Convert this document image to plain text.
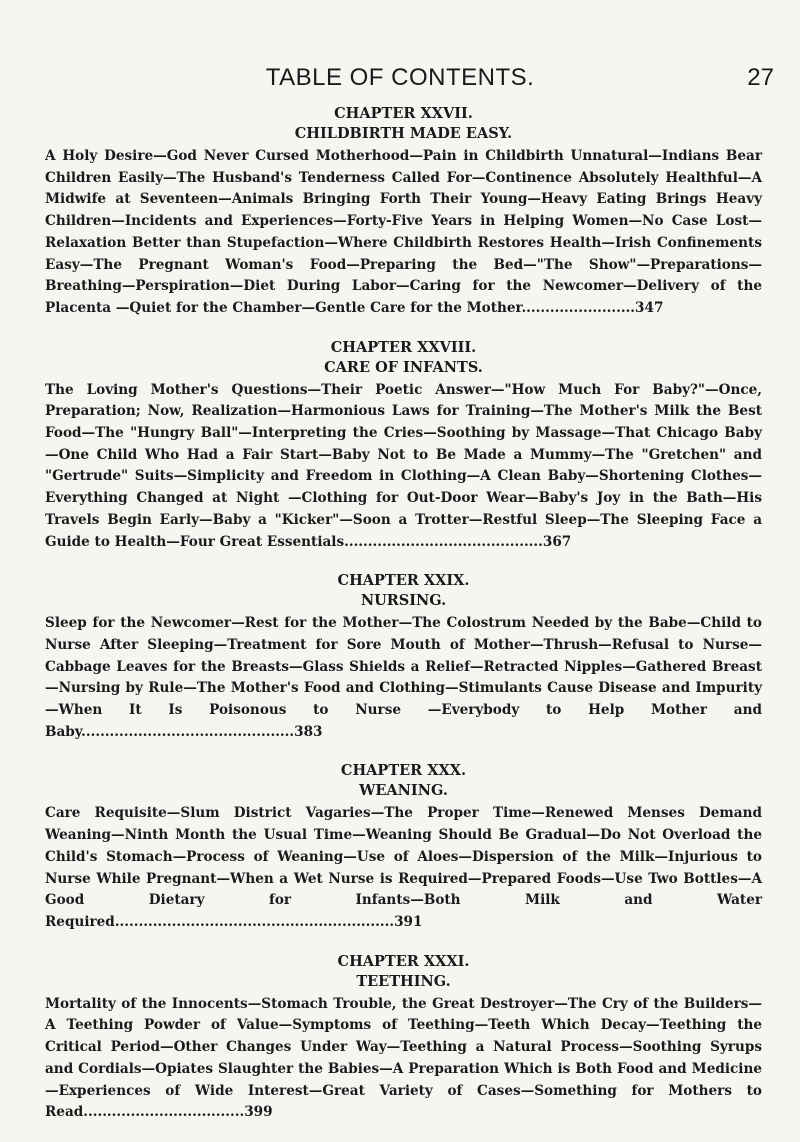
TABLE OF CONTENTS.	27
CHAPTER XXVII.
CHILDBIRTH MADE EASY.
A Holy Desire—God Never Cursed Motherhood—Pain in Childbirth Unnatural—Indians Bear Children Easily—The Husband's Tenderness Called For—Continence Absolutely Healthful—A Midwife at Seventeen—Animals Bringing Forth Their Young—Heavy Eating Brings Heavy Children—Incidents and Experiences—Forty-Five Years in Helping Women—No Case Lost—Relaxation Better than Stupefaction—Where Childbirth Restores Health—Irish Confinements Easy—The Pregnant Woman's Food—Preparing the Bed—"The Show"—Preparations—Breathing—Perspiration—Diet During Labor—Caring for the Newcomer—Delivery of the Placenta —Quiet for the Chamber—Gentle Care for the Mother........................347
CHAPTER XXVIII.
CARE OF INFANTS.
The Loving Mother's Questions—Their Poetic Answer—"How Much For Baby?"—Once, Preparation; Now, Realization—Harmonious Laws for Training—The Mother's Milk the Best Food—The "Hungry Ball"—Interpreting the Cries—Soothing by Massage—That Chicago Baby—One Child Who Had a Fair Start—Baby Not to Be Made a Mummy—The "Gretchen" and "Gertrude" Suits—Simplicity and Freedom in Clothing—A Clean Baby—Shortening Clothes—Everything Changed at Night —Clothing for Out-Door Wear—Baby's Joy in the Bath—His Travels Begin Early—Baby a "Kicker"—Soon a Trotter—Restful Sleep—The Sleeping Face a Guide to Health—Four Great Essentials..........................................367
CHAPTER XXIX.
NURSING.
Sleep for the Newcomer—Rest for the Mother—The Colostrum Needed by the Babe—Child to Nurse After Sleeping—Treatment for Sore Mouth of Mother—Thrush—Refusal to Nurse—Cabbage Leaves for the Breasts—Glass Shields a Relief—Retracted Nipples—Gathered Breast—Nursing by Rule—The Mother's Food and Clothing—Stimulants Cause Disease and Impurity—When It Is Poisonous to Nurse —Everybody to Help Mother and Baby.............................................383
CHAPTER XXX.
WEANING.
Care Requisite—Slum District Vagaries—The Proper Time—Renewed Menses Demand Weaning—Ninth Month the Usual Time—Weaning Should Be Gradual—Do Not Overload the Child's Stomach—Process of Weaning—Use of Aloes—Dispersion of the Milk—Injurious to Nurse While Pregnant—When a Wet Nurse is Required—Prepared Foods—Use Two Bottles—A Good Dietary for Infants—Both Milk and Water Required...........................................................391
CHAPTER XXXI.
TEETHING.
Mortality of the Innocents—Stomach Trouble, the Great Destroyer—The Cry of the Builders—A Teething Powder of Value—Symptoms of Teething—Teeth Which Decay—Teething the Critical Period—Other Changes Under Way—Teething a Natural Process—Soothing Syrups and Cordials—Opiates Slaughter the Babies—A Preparation Which is Both Food and Medicine—Experiences of Wide Interest—Great Variety of Cases—Something for Mothers to Read..................................399
